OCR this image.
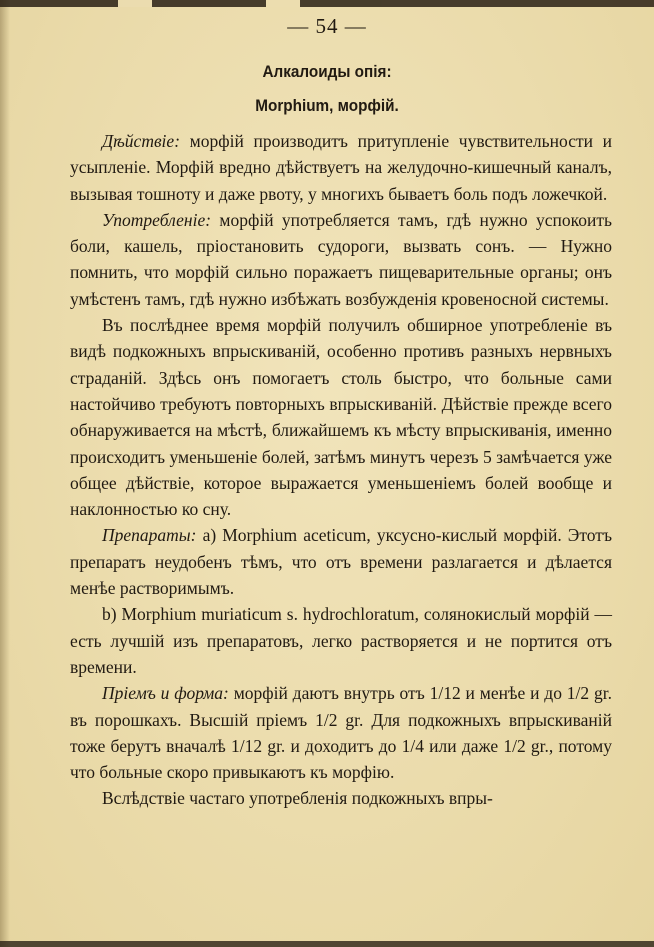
— 54 —
Алкалоиды опія:
Morphium, морфій.

Дѣйствіе: морфій производитъ притупленіе чувствительности и усыпленіе. Морфій вредно дѣйствуетъ на желудочно-кишечный каналъ, вызывая тошноту и даже рвоту, у многихъ бываетъ боль подъ ложечкой.

Употребленіе: морфій употребляется тамъ, гдѣ нужно успокоить боли, кашель, пріостановить судороги, вызвать сонъ. — Нужно помнить, что морфій сильно поражаетъ пищеварительные органы; онъ умѣстенъ тамъ, гдѣ нужно избѣжать возбужденія кровеносной системы.

Въ послѣднее время морфій получилъ обширное употребленіе въ видѣ подкожныхъ впрыскиваній, особенно противъ разныхъ нервныхъ страданій. Здѣсь онъ помогаетъ столь быстро, что больные сами настойчиво требуютъ повторныхъ впрыскиваній. Дѣйствіе прежде всего обнаруживается на мѣстѣ, ближайшемъ къ мѣсту впрыскиванія, именно происходитъ уменьшеніе болей, затѣмъ минутъ черезъ 5 замѣчается уже общее дѣйствіе, которое выражается уменьшеніемъ болей вообще и наклонностью ко сну.

Препараты: а) Morphium aceticum, уксусно-кислый морфій. Этотъ препаратъ неудобенъ тѣмъ, что отъ времени разлагается и дѣлается менѣе растворимымъ.

b) Morphium muriaticum s. hydrochloratum, солянокислый морфій — есть лучшій изъ препаратовъ, легко растворяется и не портится отъ времени.

Пріемъ и форма: морфій даютъ внутрь отъ 1/12 и менѣе и до 1/2 gr. въ порошкахъ. Высшій пріемъ 1/2 gr. Для подкожныхъ впрыскиваній тоже берутъ вначалѣ 1/12 gr. и доходитъ до 1/4 или даже 1/2 gr., потому что больные скоро привыкаютъ къ морфію.

Вслѣдствіе частаго употребленія подкожныхъ впры-
